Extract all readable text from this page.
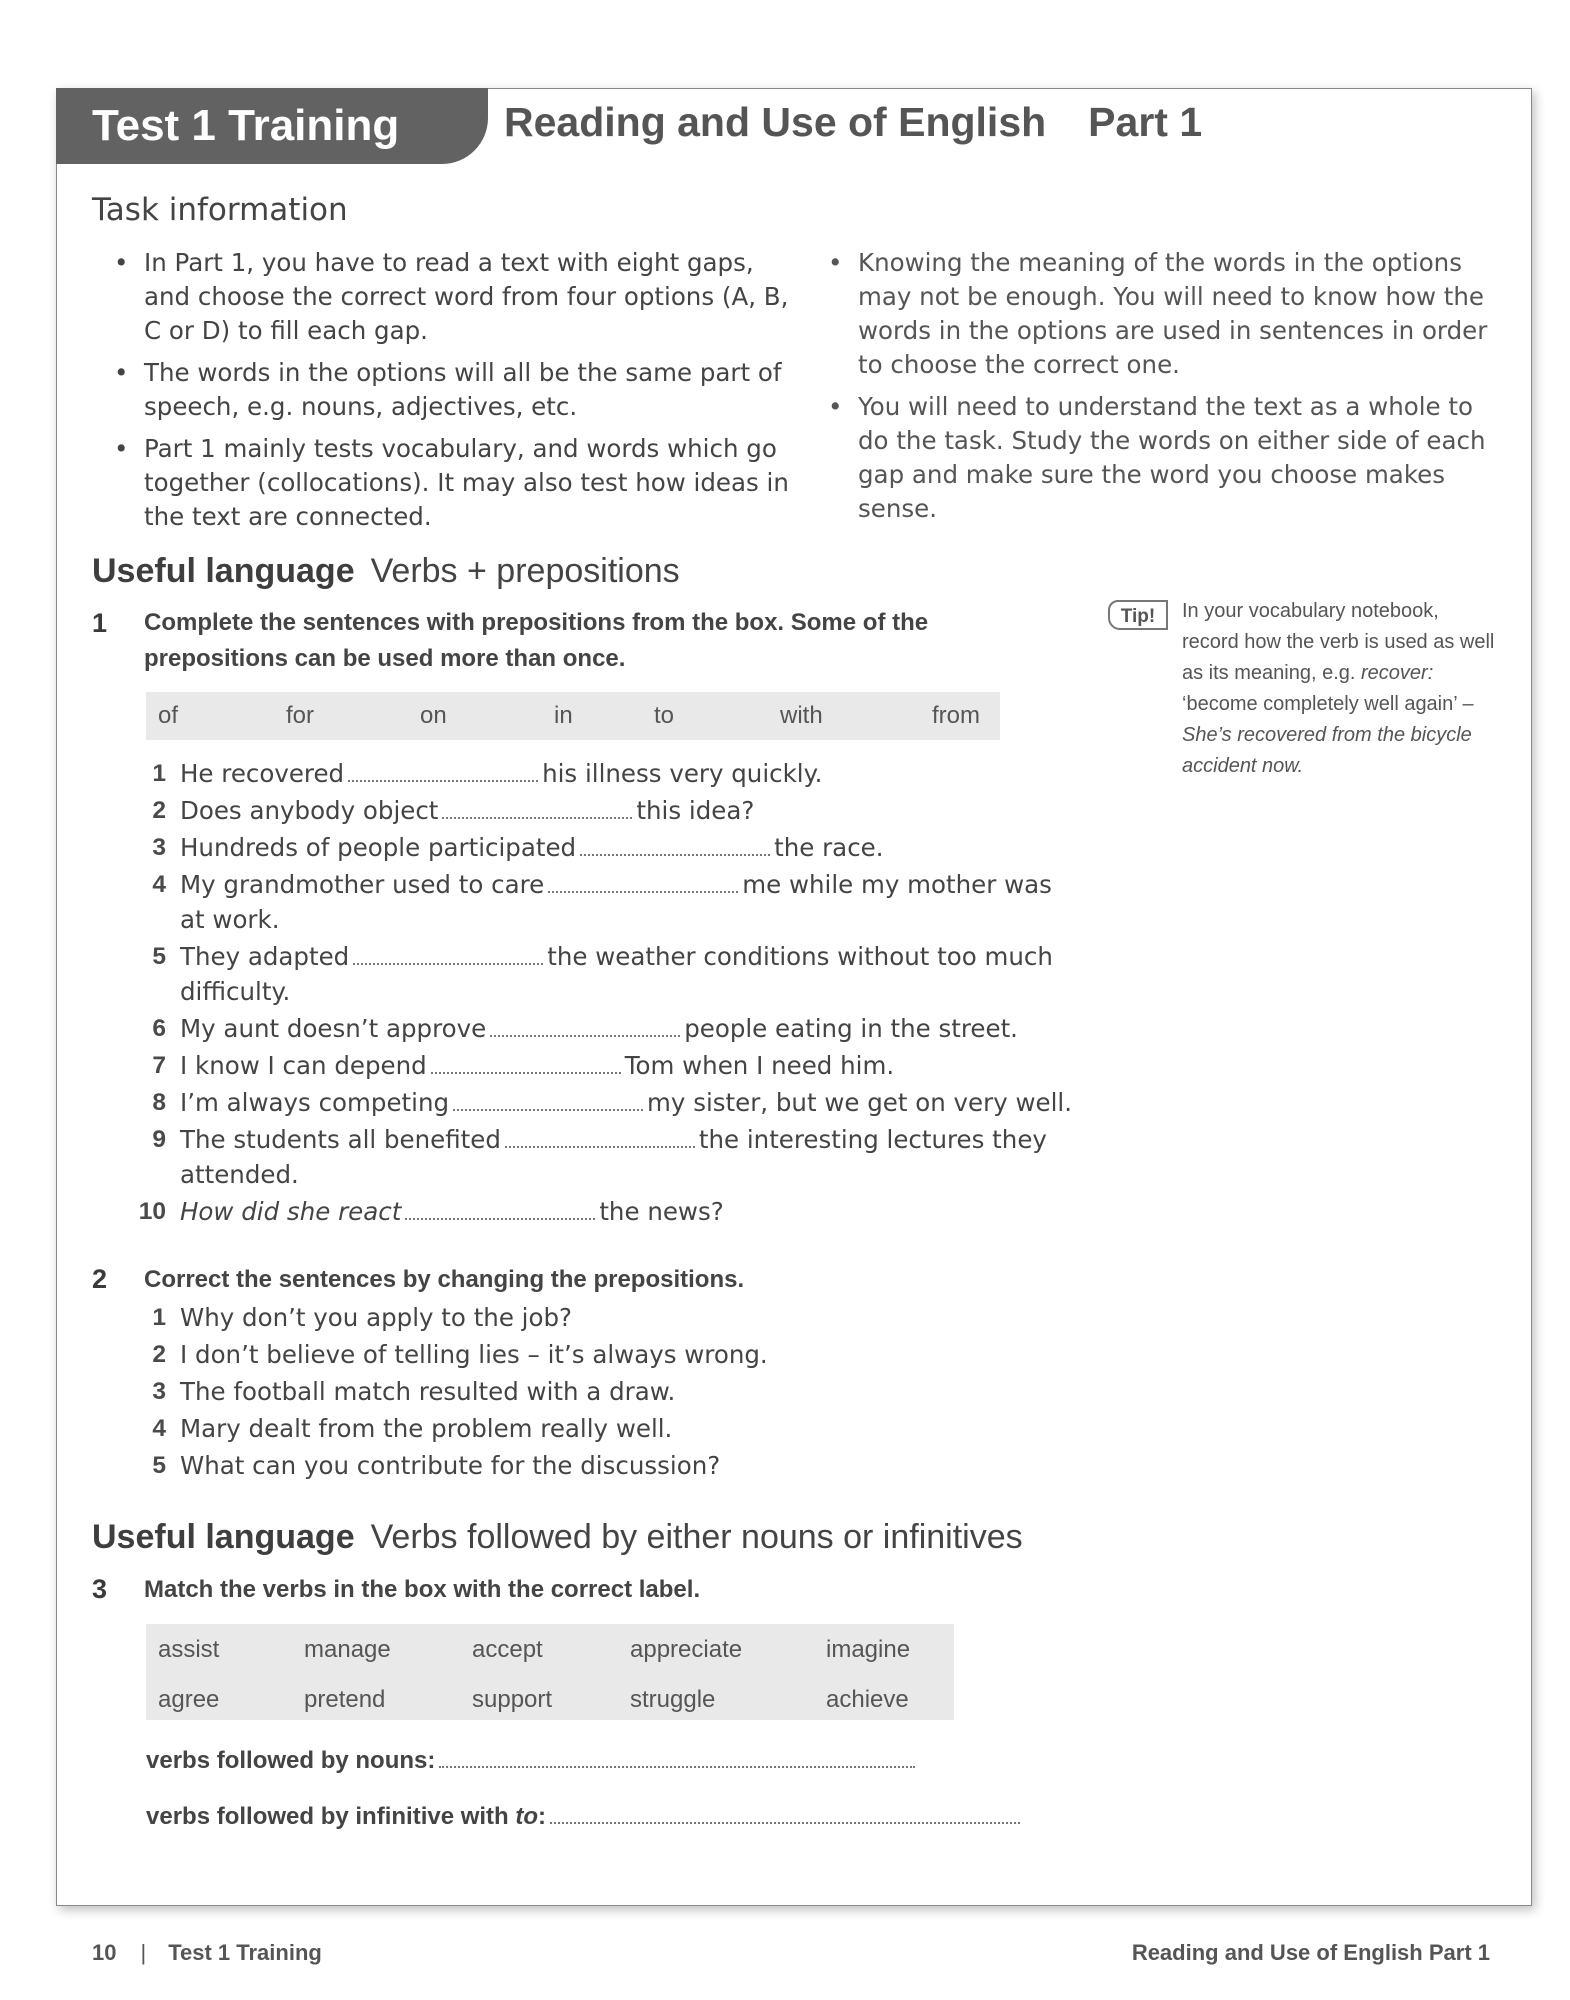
Test 1 Training	Reading and Use of English Part 1
Task information
• In Part 1, you have to read a text with eight gaps, and choose the correct word from four options (A, B, C or D) to fill each gap.
• The words in the options will all be the same part of speech, e.g. nouns, adjectives, etc.
• Part 1 mainly tests vocabulary, and words which go together (collocations). It may also test how ideas in the text are connected.
• Knowing the meaning of the words in the options may not be enough. You will need to know how the words in the options are used in sentences in order to choose the correct one.
• You will need to understand the text as a whole to do the task. Study the words on either side of each gap and make sure the word you choose makes sense.
Useful language Verbs + prepositions
1 Complete the sentences with prepositions from the box. Some of the prepositions can be used more than once.
of	for	on	in	to	with	from
1 He recovered	his illness very quickly.
2 Does anybody object	this idea?
3 Hundreds of people participated	the race.
4 My grandmother used to care	me while my mother was at work.
5 They adapted	the weather conditions without too much difficulty.
6 My aunt doesn’t approve	people eating in the street.
7 I know I can depend	Tom when I need him.
8 I’m always competing	my sister, but we get on very well.
9 The students all benefited	the interesting lectures they attended.
10 How did she react	the news?
2 Correct the sentences by changing the prepositions.
1 Why don’t you apply to the job?
2 I don’t believe of telling lies – it’s always wrong.
3 The football match resulted with a draw.
4 Mary dealt from the problem really well.
5 What can you contribute for the discussion?
Useful language Verbs followed by either nouns or infinitives
3 Match the verbs in the box with the correct label.
assist	manage	accept	appreciate	imagine
agree	pretend	support	struggle	achieve
verbs followed by nouns:
verbs followed by infinitive with to:
Tip!	In your vocabulary notebook, record how the verb is used as well as its meaning, e.g. recover: ‘become completely well again’ – She’s recovered from the bicycle accident now.
10 | Test 1 Training	Reading and Use of English Part 1
